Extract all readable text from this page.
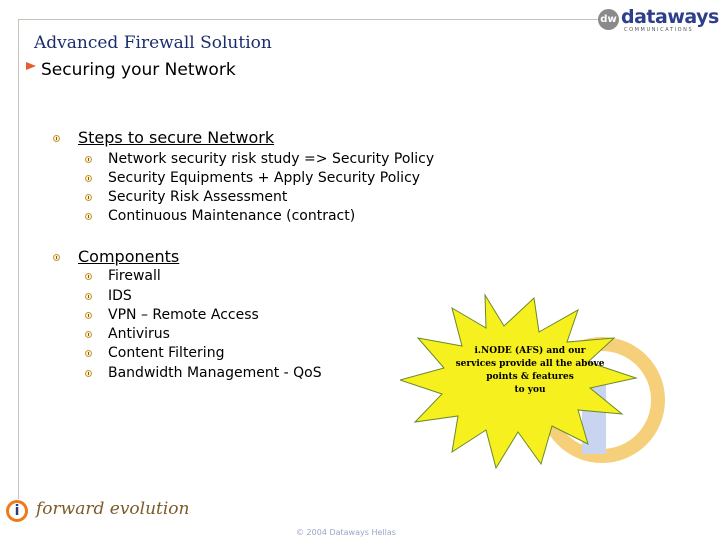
dw dataways
COMMUNICATIONS
Advanced Firewall Solution
Securing your Network
Steps to secure Network
Network security risk study => Security Policy
Security Equipments + Apply Security Policy
Security Risk Assessment
Continuous Maintenance (contract)
Components
Firewall
IDS
VPN – Remote Access
Antivirus
Content Filtering
Bandwidth Management - QoS
i.NODE (AFS) and our
services provide all the above
points & features
to you
i forward evolution
© 2004 Dataways Hellas
